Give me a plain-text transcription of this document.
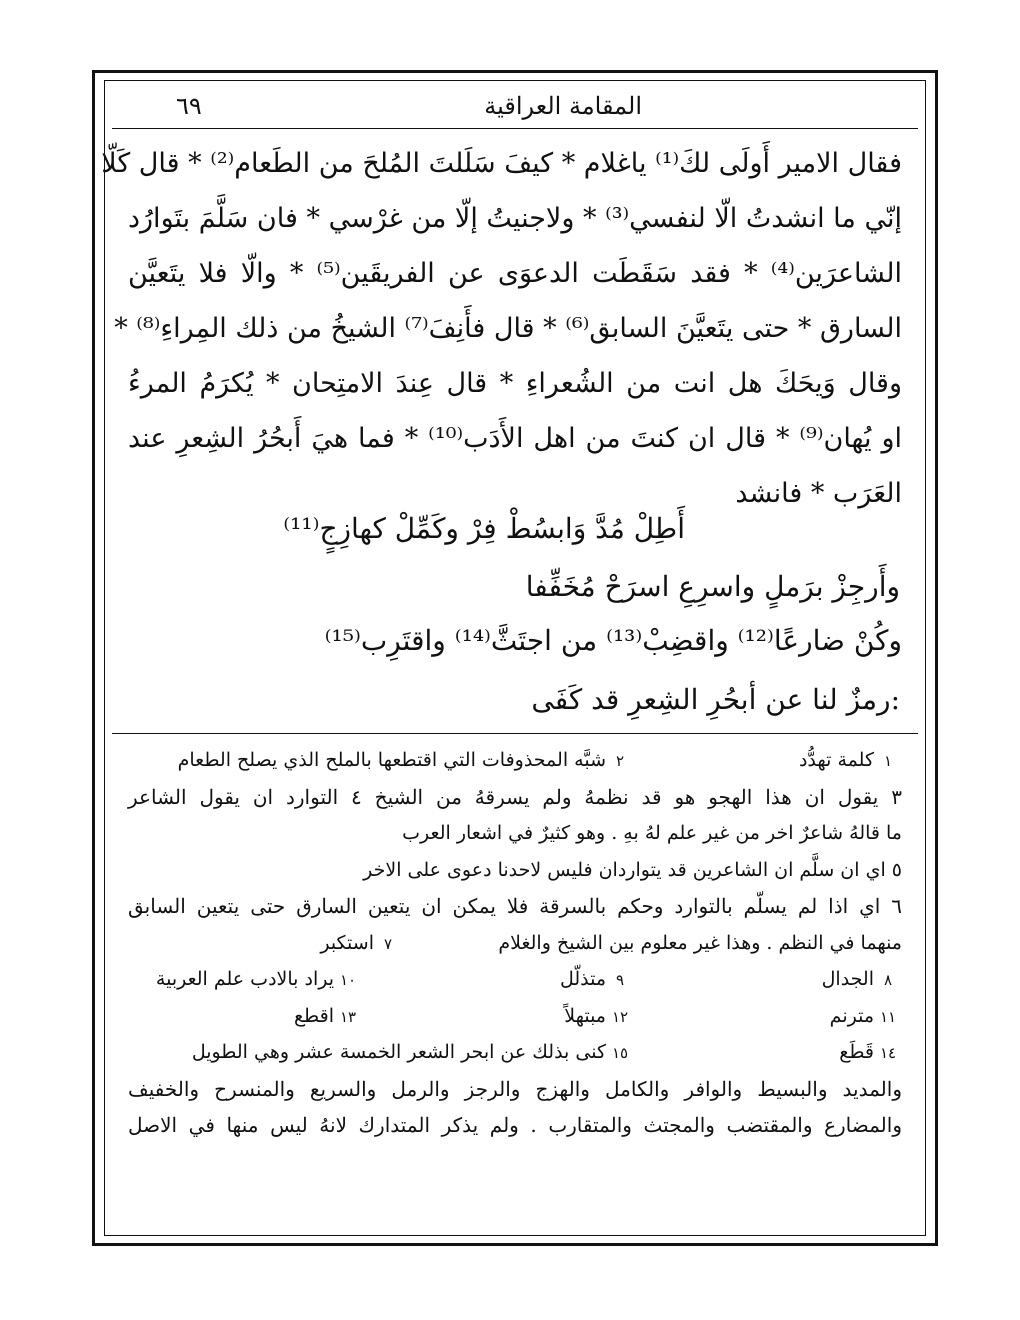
المقامة العراقية
٦٩
فقال الامير أَولَى لكَ⁽¹⁾ ياغلام * كيفَ سَلَلتَ المُلحَ من الطَعام⁽²⁾ * قال كَلّا
إنّي ما انشدتُ الّا لنفسي⁽³⁾ * ولاجنيتُ إلّا من غرْسي * فان سَلَّمَ بتَوارُد
الشاعرَين⁽⁴⁾ * فقد سَقَطَت الدعوَى عن الفريقَين⁽⁵⁾ * والّا فلا يتَعيَّن
السارق * حتى يتَعيَّنَ السابق⁽⁶⁾ * قال فأَنِفَ⁽⁷⁾ الشيخُ من ذلك المِراءِ⁽⁸⁾ *
وقال وَيحَكَ هل انت من الشُعراءِ * قال عِندَ الامتِحان * يُكرَمُ المرءُ
او يُهان⁽⁹⁾ * قال ان كنتَ من اهل الأَدَب⁽¹⁰⁾ * فما هيَ أَبحُرُ الشِعرِ عند
العَرَب * فانشد
أَطِلْ مُدَّ وَابسُطْ فِرْ وكَمِّلْ كهازِجٍ⁽¹¹⁾
وأَرجِزْ برَملٍ واسرِعِ اسرَحْ مُخَفِّفا
وكُنْ ضارعًا⁽¹²⁾ واقضِبْ⁽¹³⁾ من اجتَثَّ⁽¹⁴⁾ واقتَرِب⁽¹⁵⁾
:رمزٌ لنا عن أبحُرِ الشِعرِ قد كَفَى
١كلمة تهدُّد
٢شبَّه المحذوفات التي اقتطعها بالملح الذي يصلح الطعام
٣ يقول ان هذا الهجو هو قد نظمهُ ولم يسرقهُ من الشيخ ٤ التوارد ان يقول الشاعر
ما قالهُ شاعرٌ اخر من غير علم لهُ بهِ . وهو كثيرٌ في اشعار العرب
٥ اي ان سلَّم ان الشاعرين قد يتواردان فليس لاحدنا دعوى على الاخر
٦ اي اذا لم يسلّم بالتوارد وحكم بالسرقة فلا يمكن ان يتعين السارق حتى يتعين السابق
منهما في النظم . وهذا غير معلوم بين الشيخ والغلام
٧استكبر
٨الجدال
٩متذلّل
١٠يراد بالادب علم العربية
١١مترنم
١٢مبتهلاً
١٣اقطع
١٤قَطَع
١٥كنى بذلك عن ابحر الشعر الخمسة عشر وهي الطويل
والمديد والبسيط والوافر والكامل والهزج والرجز والرمل والسريع والمنسرح والخفيف
والمضارع والمقتضب والمجتث والمتقارب . ولم يذكر المتدارك لانهُ ليس منها في الاصل
